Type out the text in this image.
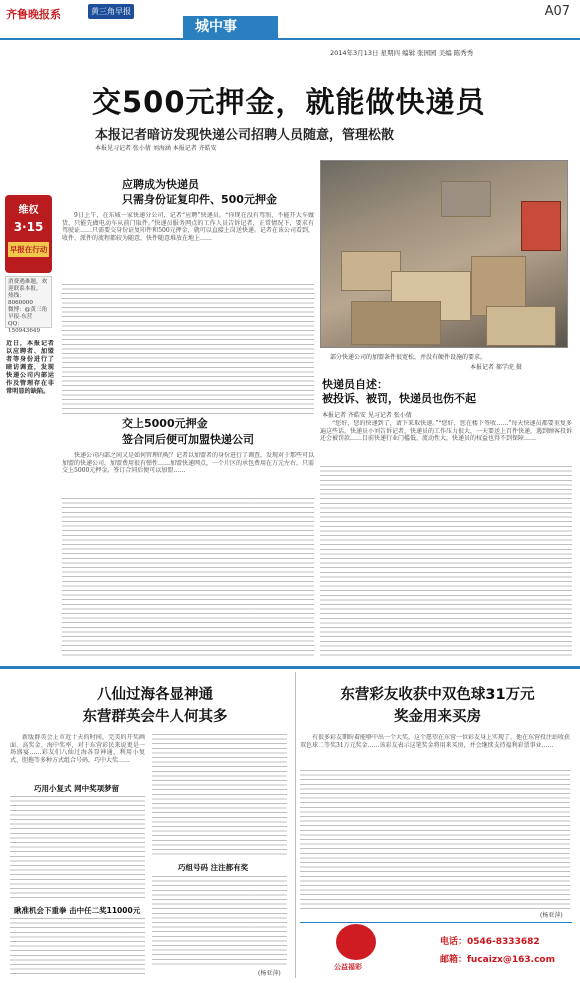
齐鲁晚报系	黄三角早报
城中事
A07
2014年3月13日 星期四 编辑 张园园 美编 陈秀秀
交500元押金，就能做快递员
本报记者暗访发现快递公司招聘人员随意，管理松散
本报见习记者 张小倩 刘海涵 本报记者 齐皓安
维权
3·15
早报在行动
消费遇难题，欢迎联系本报。
热线：8060000
微博：@黄三角早报-东营
QQ：150943649
近日，本报记者以应聘者、加盟者等身份进行了暗访调查，发现快递公司内部运作及管理存在非常明显的缺陷。
应聘成为快递员
只需身份证复印件、500元押金
9日上午，在东城一家快递分公司，记者“应聘”快递员。“你现在没有驾照，不能开大车做货，只能先做电动车从前门取件。”快递员服务网点的工作人员告诉记者，正常情况下，要求有驾驶证……只需要交身份证复印件和500元押金，就可以直接上岗送快递。记者在该公司看到，收件、派件的流程都较为随意，快件随意堆放在地上……
交上5000元押金
签合同后便可加盟快递公司
快递公司内部之间又是如何管理的呢？记者以加盟者的身份进行了调查，发现对于那些可以加盟的快递公司，加盟费用很有弹性……加盟快递网点，一个片区的承包费用在万元左右，只需交上5000元押金，签订合同后便可以加盟……
部分快递公司的加盟条件很宽松，并没有硬件设施的要求。
本报记者 郝学虎 摄
快递员自述：
被投诉、被罚，快递员也伤不起
本报记者 齐皓安 见习记者 张小倩
“您好，您的快递到了，请下来取快递。”“您好，您在楼下签收……”每天快递员都要重复多遍这些话。快递员小刘告诉记者，快递员的工作压力很大，一天要送上百件快递，遇到顾客投诉还会被罚款……目前快递行业门槛低、流动性大，快递员的权益也得不到保障……
八仙过海各显神通
东营群英会牛人何其多
新版群英会上市近十天的时间，完美的开奖画面、高奖金、海中奖率，对于东营彩民来说更是一场盛宴……彩友们八仙过海各显神通，利用小复式、胆拖等多种方式组合号码，巧中大奖……
巧用小复式 网中奖项梦留
瞅准机会下重拳 击中任二奖11000元
巧组号码 注注都有奖
(杨亚萍)
东营彩友收获中双色球31万元
奖金用来买房
有很多彩友期盼着能够中出一个大奖，这个愿望在东营一位彩友身上实现了，他在东营投注站收获双色球二等奖31万元奖金……该彩友表示这笔奖金将用来买房，并会继续支持福利彩票事业……
(杨亚萍)
公益福彩
电话：0546-8333682
邮箱：fucaizx@163.com
